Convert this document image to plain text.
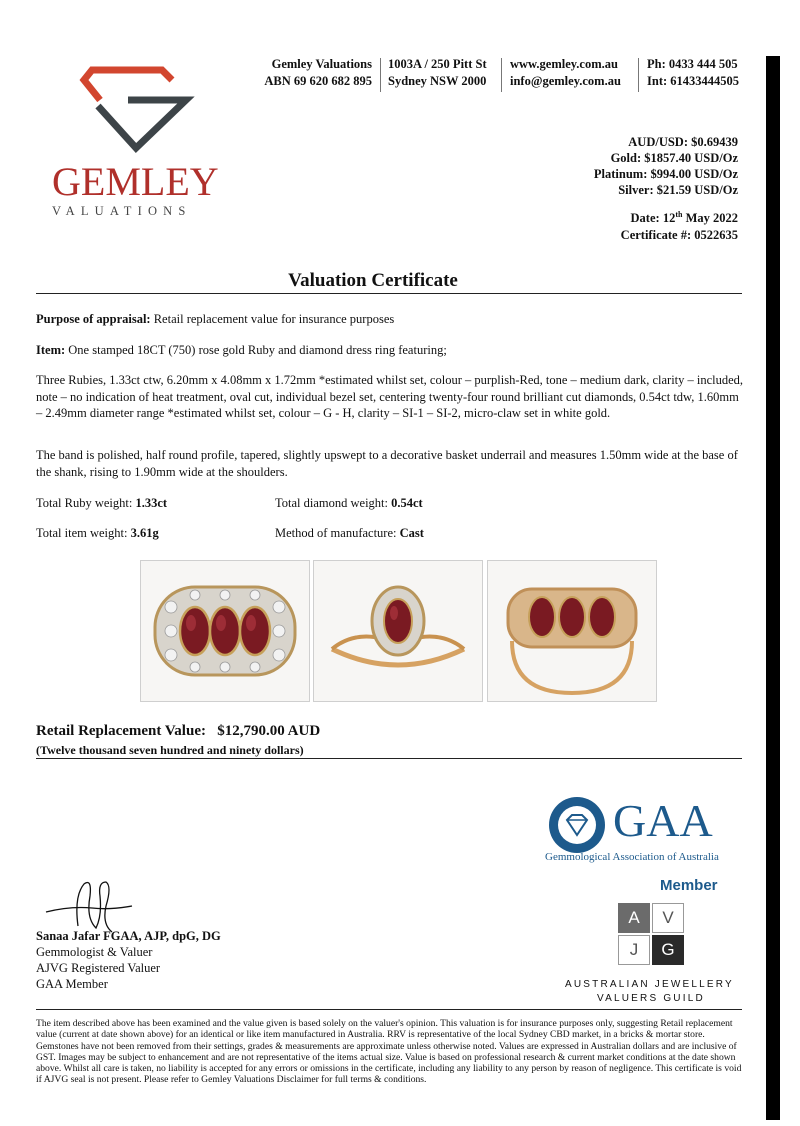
GEMLEY
VALUATIONS
Gemley Valuations
ABN 69 620 682 895
1003A / 250 Pitt St
Sydney NSW 2000
www.gemley.com.au
info@gemley.com.au
Ph: 0433 444 505
Int: 61433444505
AUD/USD: $0.69439
Gold: $1857.40 USD/Oz
Platinum: $994.00 USD/Oz
Silver: $21.59 USD/Oz
Date: 12th May 2022
Certificate #: 0522635
Valuation Certificate
Purpose of appraisal: Retail replacement value for insurance purposes
Item: One stamped 18CT (750) rose gold Ruby and diamond dress ring featuring;
Three Rubies, 1.33ct ctw, 6.20mm x 4.08mm x 1.72mm *estimated whilst set, colour – purplish-Red, tone – medium dark, clarity – included, note – no indication of heat treatment, oval cut, individual bezel set, centering twenty-four round brilliant cut diamonds, 0.54ct tdw, 1.60mm – 2.49mm diameter range *estimated whilst set, colour – G - H, clarity – SI-1 – SI-2, micro-claw set in white gold.
The band is polished, half round profile, tapered, slightly upswept to a decorative basket underrail and measures 1.50mm wide at the base of the shank, rising to 1.90mm wide at the shoulders.
Total Ruby weight: 1.33ct	Total diamond weight: 0.54ct
Total item weight: 3.61g	Method of manufacture: Cast
Retail Replacement Value: $12,790.00 AUD
(Twelve thousand seven hundred and ninety dollars)
GAA
Gemmological Association of Australia
Member
A	V
J	G
AUSTRALIAN JEWELLERY
VALUERS GUILD
Sanaa Jafar FGAA, AJP, dpG, DG
Gemmologist & Valuer
AJVG Registered Valuer
GAA Member
The item described above has been examined and the value given is based solely on the valuer's opinion. This valuation is for insurance purposes only, suggesting Retail replacement value (current at date shown above) for an identical or like item manufactured in Australia. RRV is representative of the local Sydney CBD market, in a bricks & mortar store. Gemstones have not been removed from their settings, grades & measurements are approximate unless otherwise noted. Values are expressed in Australian dollars and are inclusive of GST. Images may be subject to enhancement and are not representative of the items actual size. Value is based on professional research & current market conditions at the date shown above. Whilst all care is taken, no liability is accepted for any errors or omissions in the certificate, including any liability to any person by reason of negligence. This certificate is void if AJVG seal is not present. Please refer to Gemley Valuations Disclaimer for full terms & conditions.
